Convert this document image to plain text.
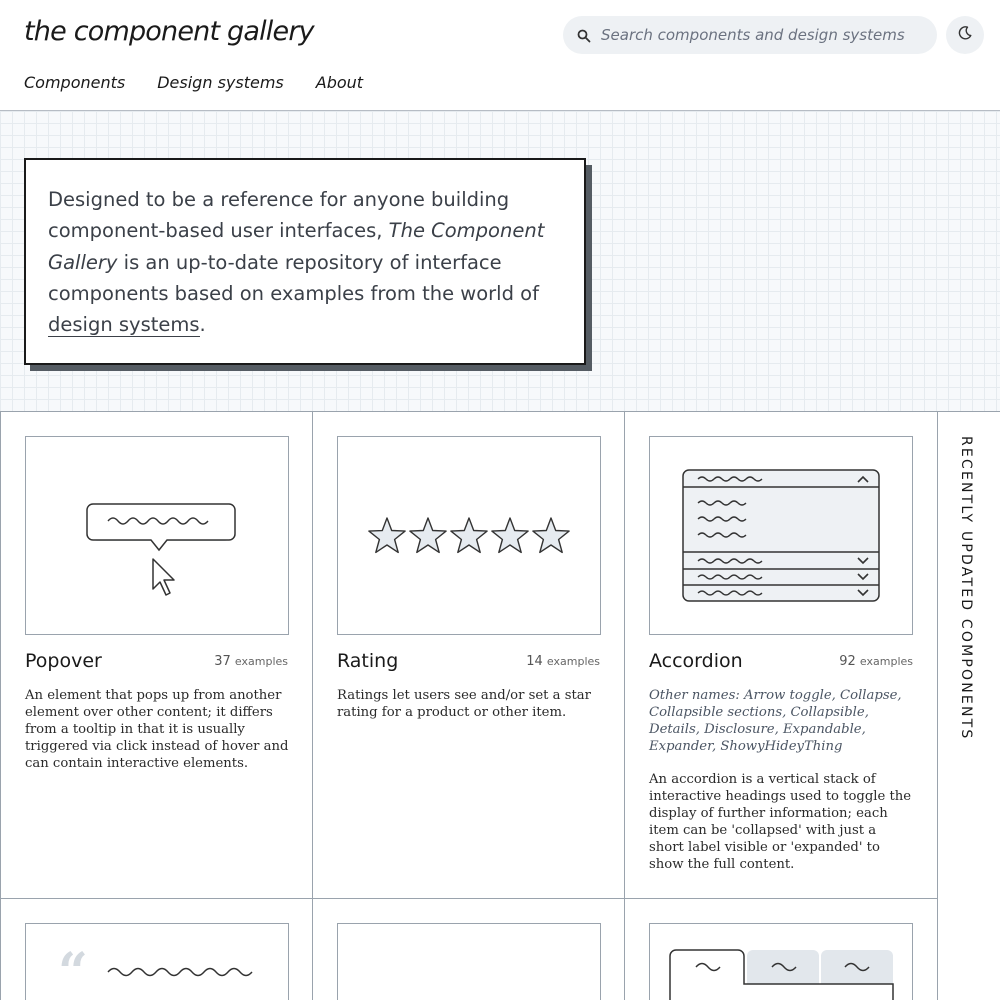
the component gallery
Components Design systems About
Search components and design systems

Designed to be a reference for anyone building component-based user interfaces, The Component Gallery is an up-to-date repository of interface components based on examples from the world of design systems.

Popover	37 examples

An element that pops up from another element over other content; it differs from a tooltip in that it is usually triggered via click instead of hover and can contain interactive elements.

Rating	14 examples

Ratings let users see and/or set a star rating for a product or other item.

Accordion	92 examples

Other names: Arrow toggle, Collapse, Collapsible sections, Collapsible, Details, Disclosure, Expandable, Expander, ShowyHideyThing

An accordion is a vertical stack of interactive headings used to toggle the display of further information; each item can be 'collapsed' with just a short label visible or 'expanded' to show the full content.

“
RECENTLY UPDATED COMPONENTS
